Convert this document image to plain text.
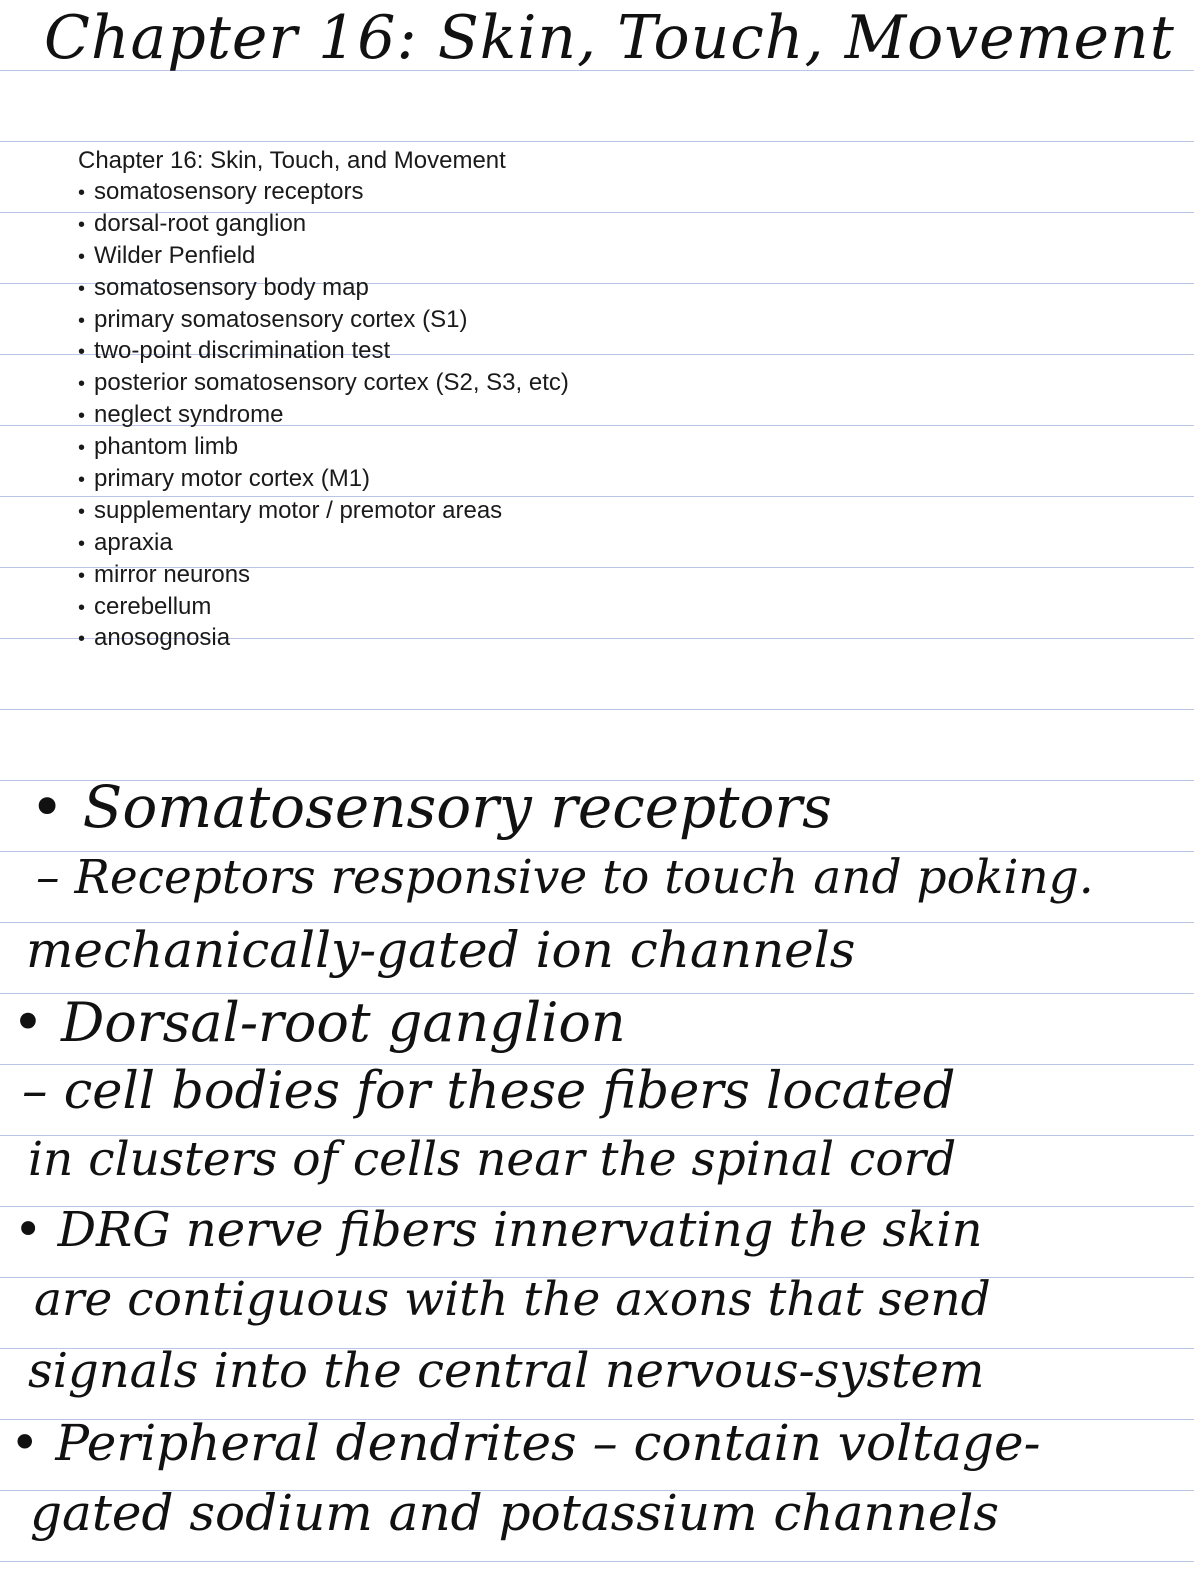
Chapter 16: Skin, Touch, Movement
Chapter 16: Skin, Touch, and Movement
• somatosensory receptors
• dorsal-root ganglion
• Wilder Penfield
• somatosensory body map
• primary somatosensory cortex (S1)
• two-point discrimination test
• posterior somatosensory cortex (S2, S3, etc)
• neglect syndrome
• phantom limb
• primary motor cortex (M1)
• supplementary motor / premotor areas
• apraxia
• mirror neurons
• cerebellum
• anosognosia
• Somatosensory receptors
– Receptors responsive to touch and poking.
mechanically-gated ion channels
• Dorsal-root ganglion
– cell bodies for these fibers located
in clusters of cells near the spinal cord
• DRG nerve fibers innervating the skin
are contiguous with the axons that send
signals into the central nervous-system
• Peripheral dendrites – contain voltage-
gated sodium and potassium channels
